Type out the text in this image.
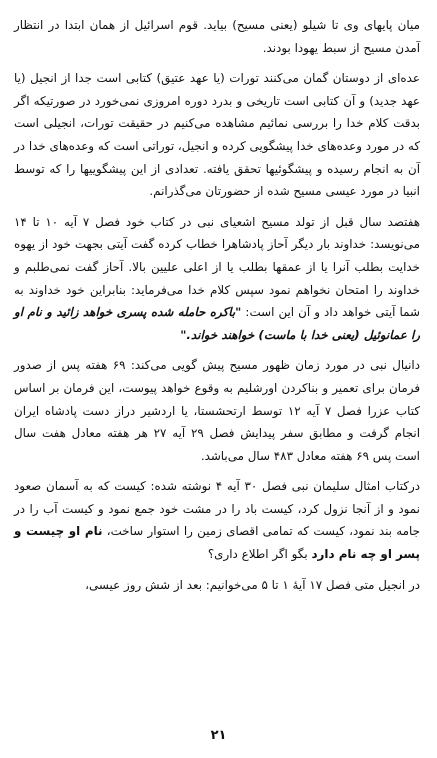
میان پایهای وی تا شیلو (یعنی مسیح) بیاید. قوم اسرائیل از همان ابتدا در انتظار آمدن مسیح از سبط یهودا بودند.

عده‌ای از دوستان گمان می‌کنند تورات (یا عهد عتیق) کتابی است جدا از انجیل (یا عهد جدید) و آن کتابی است تاریخی و بدرد دوره امروزی نمی‌خورد در صورتیکه اگر بدقت کلام خدا را بررسی نمائیم مشاهده می‌کنیم در حقیقت تورات، انجیلی است که در مورد وعده‌های خدا پیشگویی کرده و انجیل، توراتی است که وعده‌های خدا در آن به انجام رسیده و پیشگوئیها تحقق یافته. تعدادی از این پیشگوییها را که توسط انبیا در مورد عیسی مسیح شده از حضورتان می‌گذرانم.

هفتصد سال قبل از تولد مسیح اشعیای نبی در کتاب خود فصل ۷ آیه ۱۰ تا ۱۴ می‌نویسد: خداوند بار دیگر آحاز پادشاهرا خطاب کرده گفت آیتی بجهت خود از یهوه خدایت بطلب آنرا یا از عمقها بطلب یا از اعلی علیین بالا. آحاز گفت نمی‌طلبم و خداوند را امتحان نخواهم نمود سپس کلام خدا می‌فرماید: بنابراین خود خداوند به شما آیتی خواهد داد و آن این است: "باکره حامله شده پسری خواهد زائید و نام او را عمانوئیل (یعنی خدا با ماست) خواهند خواند."

دانیال نبی در مورد زمان ظهور مسیح پیش گویی می‌کند: ۶۹ هفته پس از صدور فرمان برای تعمیر و بناکردن اورشلیم به وقوع خواهد پیوست، این فرمان بر اساس کتاب عزرا فصل ۷ آیه ۱۲ توسط ارتحشستا، یا اردشیر دراز دست پادشاه ایران انجام گرفت و مطابق سفر پیدایش فصل ۲۹ آیه ۲۷ هر هفته معادل هفت سال است پس ۶۹ هفته معادل ۴۸۳ سال می‌باشد.

درکتاب امثال سلیمان نبی فصل ۳۰ آیه ۴ نوشته شده: کیست که به آسمان صعود نمود و از آنجا نزول کرد، کیست باد را در مشت خود جمع نمود و کیست آب را در جامه بند نمود، کیست که تمامی اقصای زمین را استوار ساخت، نام او چیست و پسر او چه نام دارد بگو اگر اطلاع داری؟

در انجیل متی فصل ۱۷ آیهٔ ۱ تا ۵ می‌خوانیم: بعد از شش روز عیسی،

۲۱
